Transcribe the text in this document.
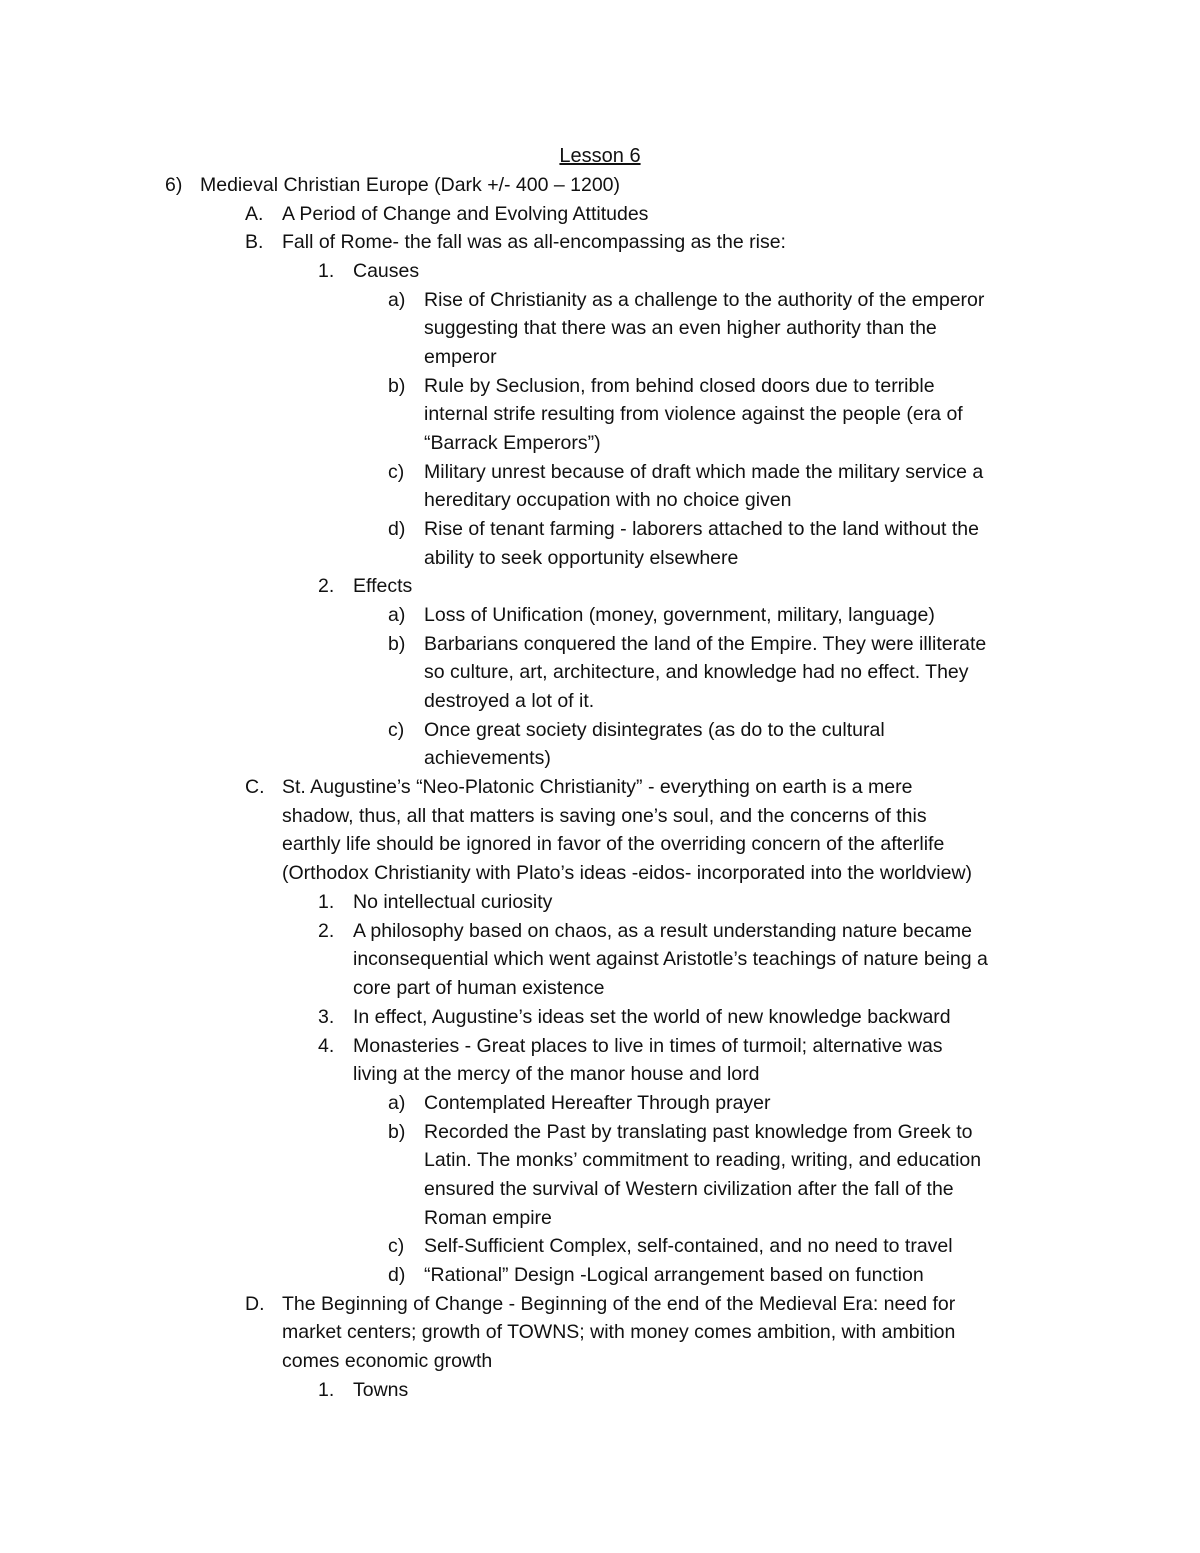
Lesson 6
6) Medieval Christian Europe (Dark +/- 400 – 1200)
A. A Period of Change and Evolving Attitudes
B. Fall of Rome- the fall was as all-encompassing as the rise:
1. Causes
a) Rise of Christianity as a challenge to the authority of the emperor
suggesting that there was an even higher authority than the
emperor
b) Rule by Seclusion, from behind closed doors due to terrible
internal strife resulting from violence against the people (era of
“Barrack Emperors”)
c) Military unrest because of draft which made the military service a
hereditary occupation with no choice given
d) Rise of tenant farming - laborers attached to the land without the
ability to seek opportunity elsewhere
2. Effects
a) Loss of Unification (money, government, military, language)
b) Barbarians conquered the land of the Empire. They were illiterate
so culture, art, architecture, and knowledge had no effect. They
destroyed a lot of it.
c) Once great society disintegrates (as do to the cultural
achievements)
C. St. Augustine’s “Neo-Platonic Christianity” - everything on earth is a mere
shadow, thus, all that matters is saving one’s soul, and the concerns of this
earthly life should be ignored in favor of the overriding concern of the afterlife
(Orthodox Christianity with Plato’s ideas -eidos- incorporated into the worldview)
1. No intellectual curiosity
2. A philosophy based on chaos, as a result understanding nature became
inconsequential which went against Aristotle’s teachings of nature being a
core part of human existence
3. In effect, Augustine’s ideas set the world of new knowledge backward
4. Monasteries - Great places to live in times of turmoil; alternative was
living at the mercy of the manor house and lord
a) Contemplated Hereafter Through prayer
b) Recorded the Past by translating past knowledge from Greek to
Latin. The monks’ commitment to reading, writing, and education
ensured the survival of Western civilization after the fall of the
Roman empire
c) Self-Sufficient Complex, self-contained, and no need to travel
d) “Rational” Design -Logical arrangement based on function
D. The Beginning of Change - Beginning of the end of the Medieval Era: need for
market centers; growth of TOWNS; with money comes ambition, with ambition
comes economic growth
1. Towns
